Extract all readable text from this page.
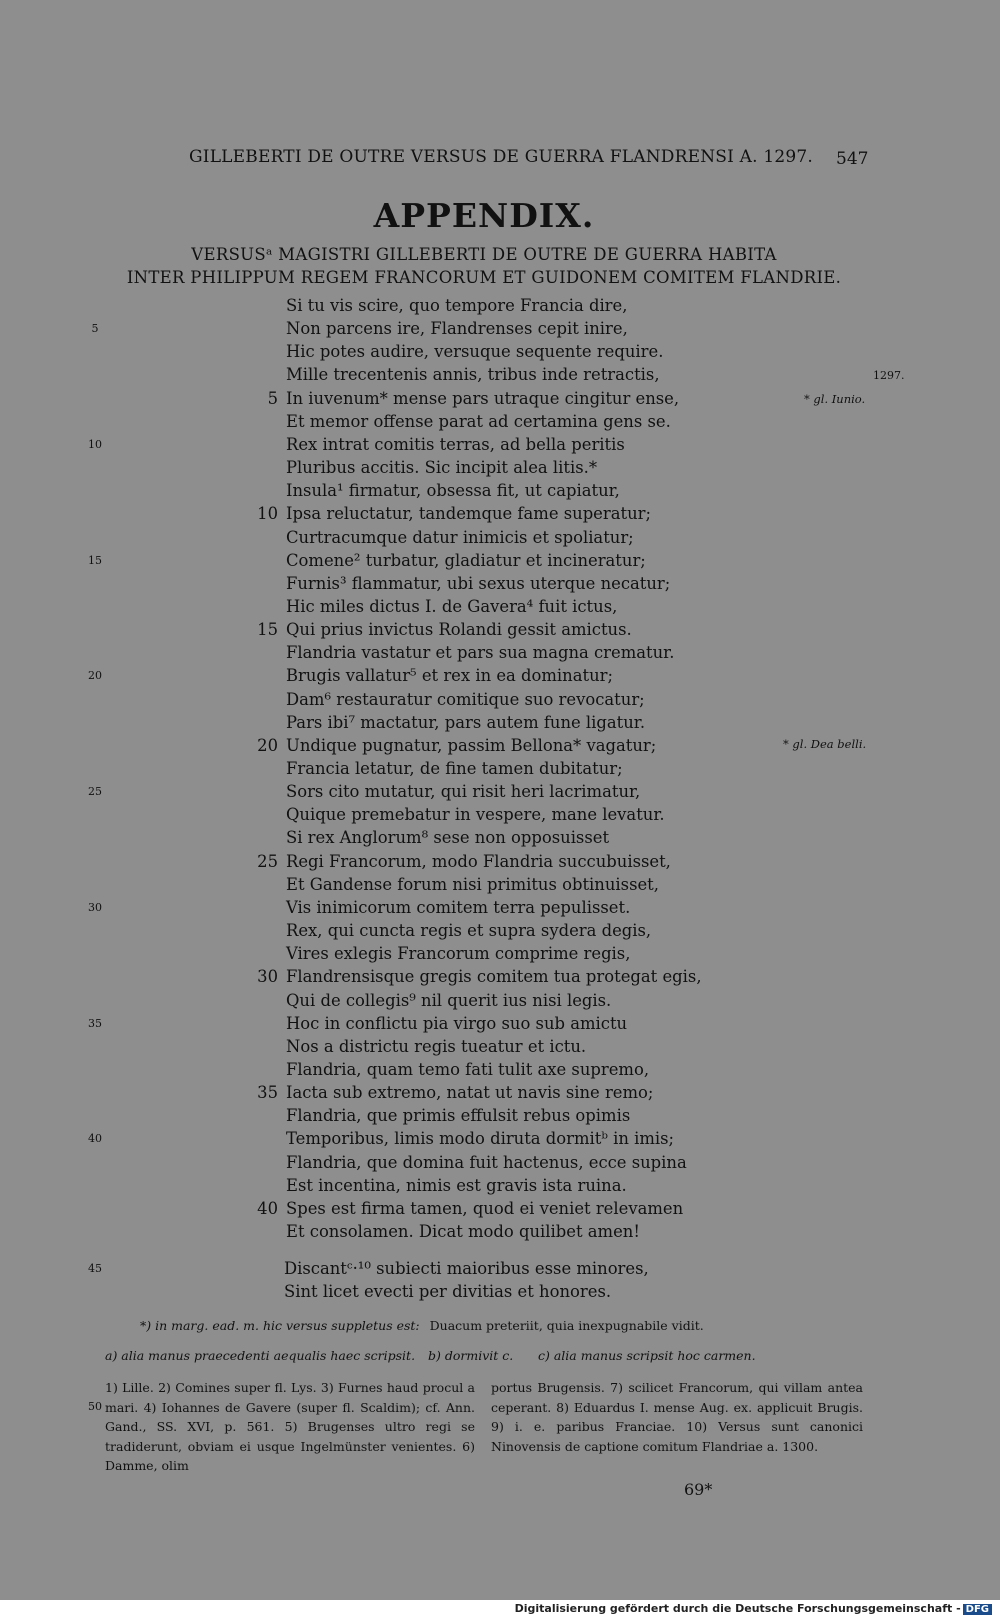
GILLEBERTI DE OUTRE VERSUS DE GUERRA FLANDRENSI A. 1297. 547
APPENDIX.
VERSUSᵃ MAGISTRI GILLEBERTI DE OUTRE DE GUERRA HABITA
INTER PHILIPPUM REGEM FRANCORUM ET GUIDONEM COMITEM FLANDRIE.
Si tu vis scire, quo tempore Francia dire,
Non parcens ire, Flandrenses cepit inire,
5
Hic potes audire, versuque sequente require.
Mille trecentenis annis, tribus inde retractis,
In iuvenum* mense pars utraque cingitur ense,
5
Et memor offense parat ad certamina gens se.
Rex intrat comitis terras, ad bella peritis
10
Pluribus accitis. Sic incipit alea litis.*
Insula¹ firmatur, obsessa fit, ut capiatur,
Ipsa reluctatur, tandemque fame superatur;
10
Curtracumque datur inimicis et spoliatur;
Comene² turbatur, gladiatur et incineratur;
15
Furnis³ flammatur, ubi sexus uterque necatur;
Hic miles dictus I. de Gavera⁴ fuit ictus,
Qui prius invictus Rolandi gessit amictus.
15
Flandria vastatur et pars sua magna crematur.
Brugis vallatur⁵ et rex in ea dominatur;
20
Dam⁶ restauratur comitique suo revocatur;
Pars ibi⁷ mactatur, pars autem fune ligatur.
Undique pugnatur, passim Bellona* vagatur;
20
Francia letatur, de fine tamen dubitatur;
Sors cito mutatur, qui risit heri lacrimatur,
25
Quique premebatur in vespere, mane levatur.
Si rex Anglorum⁸ sese non opposuisset
Regi Francorum, modo Flandria succubuisset,
25
Et Gandense forum nisi primitus obtinuisset,
Vis inimicorum comitem terra pepulisset.
30
Rex, qui cuncta regis et supra sydera degis,
Vires exlegis Francorum comprime regis,
Flandrensisque gregis comitem tua protegat egis,
30
Qui de collegis⁹ nil querit ius nisi legis.
Hoc in conflictu pia virgo suo sub amictu
35
Nos a districtu regis tueatur et ictu.
Flandria, quam temo fati tulit axe supremo,
Iacta sub extremo, natat ut navis sine remo;
35
Flandria, que primis effulsit rebus opimis
Temporibus, limis modo diruta dormitᵇ in imis;
40
Flandria, que domina fuit hactenus, ecce supina
Est incentina, nimis est gravis ista ruina.
Spes est firma tamen, quod ei veniet relevamen
40
Et consolamen. Dicat modo quilibet amen!
Discantᶜ·¹⁰ subiecti maioribus esse minores,
45
Sint licet evecti per divitias et honores.
1297.
* gl. Iunio.
* gl. Dea belli.
*) in marg. ead. m. hic versus suppletus est: Duacum preteriit, quia inexpugnabile vidit.
a) alia manus praecedenti aequalis haec scripsit. b) dormivit c. c) alia manus scripsit hoc carmen.
50
1) Lille. 2) Comines super fl. Lys. 3) Furnes haud procul a mari. 4) Iohannes de Gavere (super fl. Scaldim); cf. Ann. Gand., SS. XVI, p. 561. 5) Brugenses ultro regi se tradiderunt, obviam ei usque Ingelmünster venientes. 6) Damme, olim
portus Brugensis. 7) scilicet Francorum, qui villam antea ceperant. 8) Eduardus I. mense Aug. ex. applicuit Brugis. 9) i. e. paribus Franciae. 10) Versus sunt canonici Ninovensis de captione comitum Flandriae a. 1300.
69*
Digitalisierung gefördert durch die Deutsche Forschungsgemeinschaft - DFG
